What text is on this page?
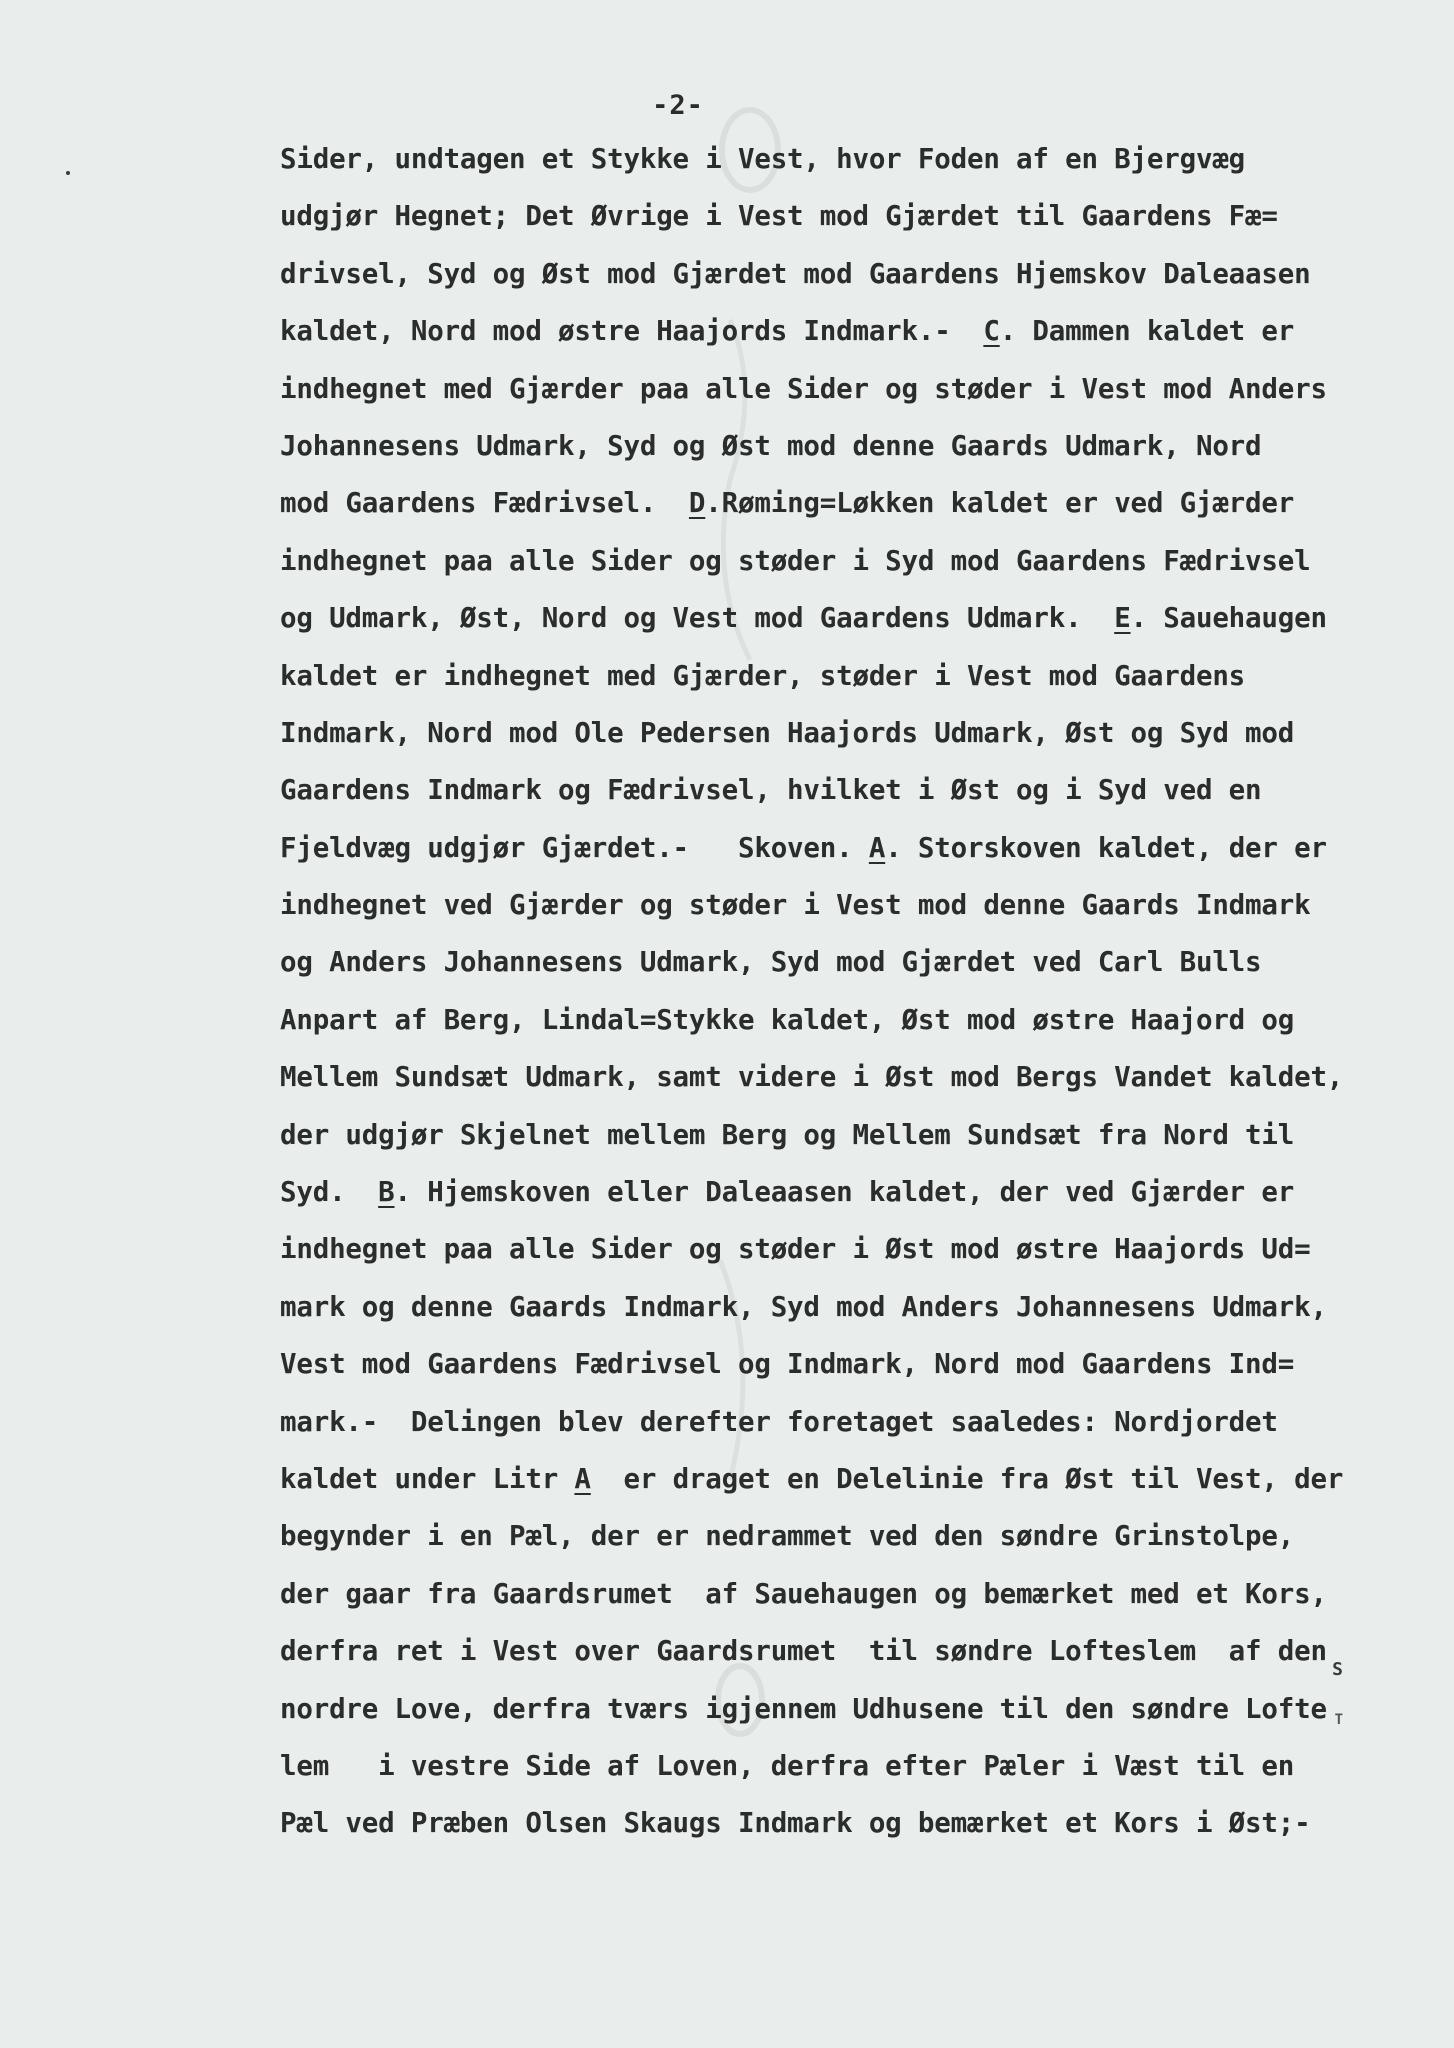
-2-
Sider, undtagen et Stykke i Vest, hvor Foden af en Bjergvæg
udgjør Hegnet; Det Øvrige i Vest mod Gjærdet til Gaardens Fæ=
drivsel, Syd og Øst mod Gjærdet mod Gaardens Hjemskov Daleaasen
kaldet, Nord mod østre Haajords Indmark.-  C. Dammen kaldet er
indhegnet med Gjærder paa alle Sider og støder i Vest mod Anders
Johannesens Udmark, Syd og Øst mod denne Gaards Udmark, Nord
mod Gaardens Fædrivsel.  D.Røming=Løkken kaldet er ved Gjærder
indhegnet paa alle Sider og støder i Syd mod Gaardens Fædrivsel
og Udmark, Øst, Nord og Vest mod Gaardens Udmark.  E. Sauehaugen
kaldet er indhegnet med Gjærder, støder i Vest mod Gaardens
Indmark, Nord mod Ole Pedersen Haajords Udmark, Øst og Syd mod
Gaardens Indmark og Fædrivsel, hvilket i Øst og i Syd ved en
Fjeldvæg udgjør Gjærdet.-   Skoven. A. Storskoven kaldet, der er
indhegnet ved Gjærder og støder i Vest mod denne Gaards Indmark
og Anders Johannesens Udmark, Syd mod Gjærdet ved Carl Bulls
Anpart af Berg, Lindal=Stykke kaldet, Øst mod østre Haajord og
Mellem Sundsæt Udmark, samt videre i Øst mod Bergs Vandet kaldet,
der udgjør Skjelnet mellem Berg og Mellem Sundsæt fra Nord til
Syd.  B. Hjemskoven eller Daleaasen kaldet, der ved Gjærder er
indhegnet paa alle Sider og støder i Øst mod østre Haajords Ud=
mark og denne Gaards Indmark, Syd mod Anders Johannesens Udmark,
Vest mod Gaardens Fædrivsel og Indmark, Nord mod Gaardens Ind=
mark.-  Delingen blev derefter foretaget saaledes: Nordjordet
kaldet under Litr A  er draget en Delelinie fra Øst til Vest, der
begynder i en Pæl, der er nedrammet ved den søndre Grinstolpe,
der gaar fra Gaardsrumet  af Sauehaugen og bemærket med et Kors,
derfra ret i Vest over Gaardsrumet  til søndre Lofteslem  af den
nordre Love, derfra tværs igjennem Udhusene til den søndre Lofte
S
T
lem   i vestre Side af Loven, derfra efter Pæler i Væst til en
Pæl ved Præben Olsen Skaugs Indmark og bemærket et Kors i Øst;-
